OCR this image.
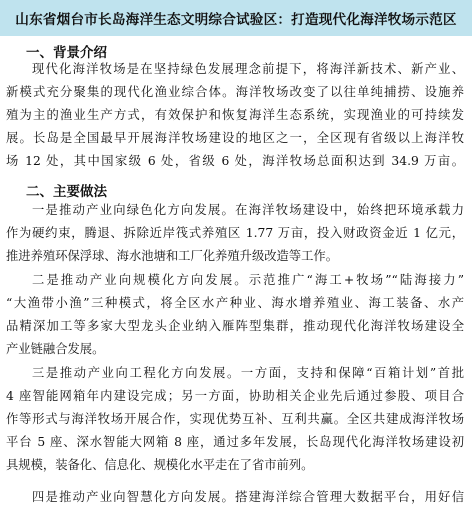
山东省烟台市长岛海洋生态文明综合试验区：打造现代化海洋牧场示范区
一、背景介绍
现代化海洋牧场是在坚持绿色发展理念前提下，将海洋新技术、新产业、
新模式充分聚集的现代化渔业综合体。海洋牧场改变了以往单纯捕捞、设施养
殖为主的渔业生产方式，有效保护和恢复海洋生态系统，实现渔业的可持续发
展。长岛是全国最早开展海洋牧场建设的地区之一，全区现有省级以上海洋牧
场 12 处，其中国家级 6 处，省级 6 处，海洋牧场总面积达到 34.9 万亩。
二、主要做法
一是推动产业向绿色化方向发展。在海洋牧场建设中，始终把环境承载力
作为硬约束，腾退、拆除近岸筏式养殖区 1.77 万亩，投入财政资金近 1 亿元，
推进养殖环保浮球、海水池塘和工厂化养殖升级改造等工作。
二是推动产业向规模化方向发展。示范推广“海工+牧场”“陆海接力”
“大渔带小渔”三种模式，将全区水产种业、海水增养殖业、海工装备、水产
品精深加工等多家大型龙头企业纳入雁阵型集群，推动现代化海洋牧场建设全
产业链融合发展。
三是推动产业向工程化方向发展。一方面，支持和保障“百箱计划”首批
4 座智能网箱年内建设完成；另一方面，协助相关企业先后通过参股、项目合
作等形式与海洋牧场开展合作，实现优势互补、互利共赢。全区共建成海洋牧场
平台 5 座、深水智能大网箱 8 座，通过多年发展，长岛现代化海洋牧场建设初
具规模，装备化、信息化、规模化水平走在了省市前列。
四是推动产业向智慧化方向发展。搭建海洋综合管理大数据平台，用好信
